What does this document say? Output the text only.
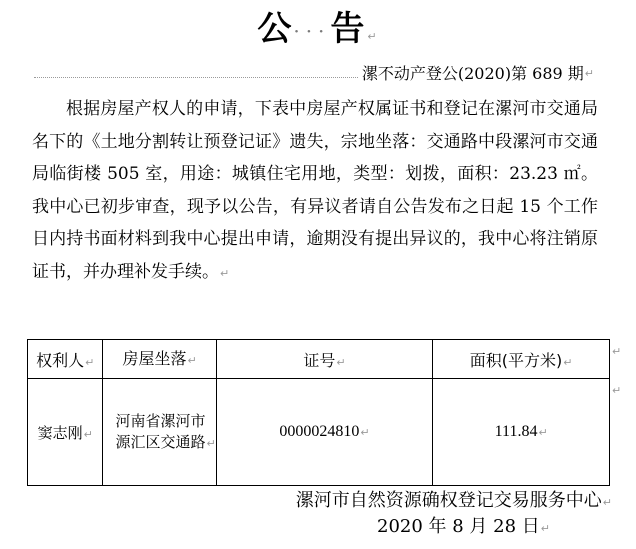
公···告↵
漯不动产登公(2020)第 689 期 ↵

根据房屋产权人的申请，下表中房屋产权属证书和登记在漯河市交通局名下的《土地分割转让预登记证》遗失，宗地坐落：交通路中段漯河市交通局临街楼 505 室，用途：城镇住宅用地，类型：划拨，面积：23.23 ㎡。我中心已初步审查，现予以公告，有异议者请自公告发布之日起 15 个工作日内持书面材料到我中心提出申请，逾期没有提出异议的，我中心将注销原证书，并办理补发手续。↵

权利人↵	房屋坐落↵	证号↵	面积(平方米)↵
窦志刚↵	河南省漯河市源汇区交通路↵	0000024810↵	111.84↵
↵
↵
漯河市自然资源确权登记交易服务中心↵
2020 年 8 月 28 日↵
